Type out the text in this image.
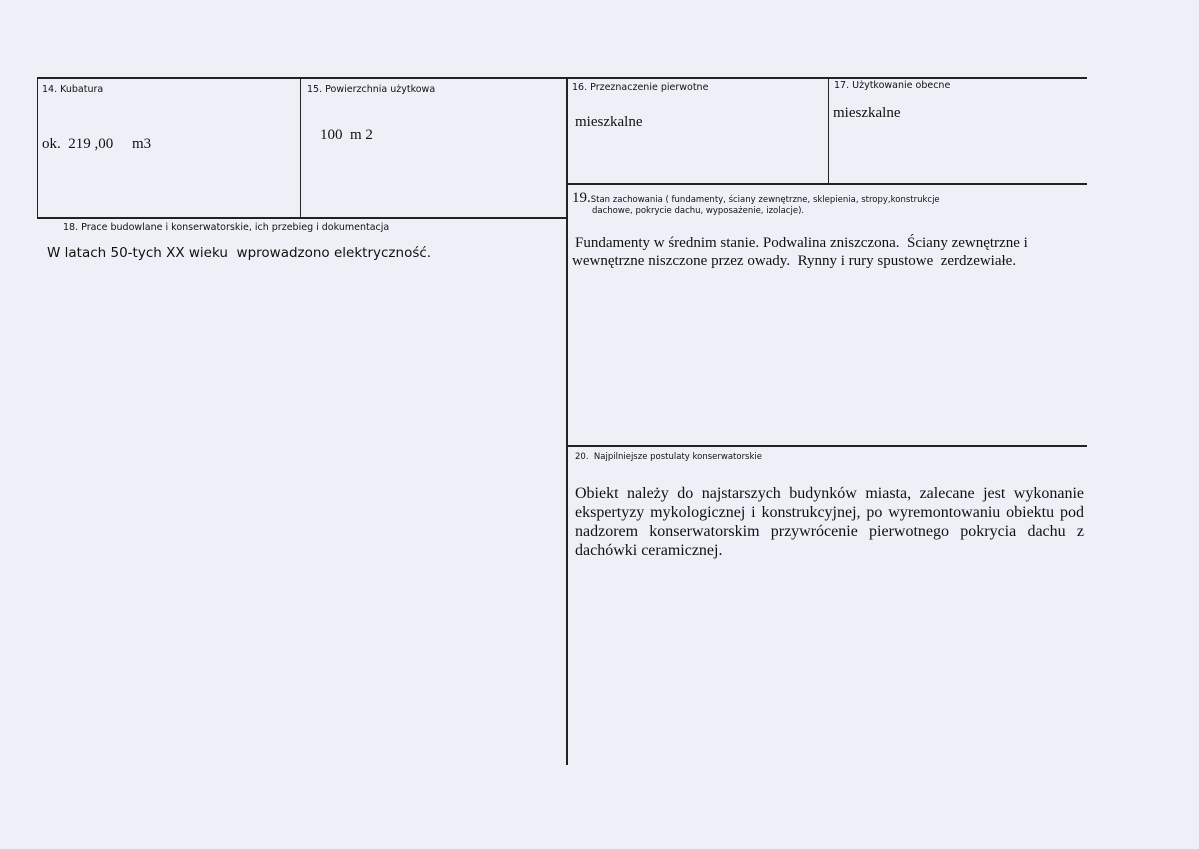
14. Kubatura
ok.  219 ,00     m3
15. Powierzchnia użytkowa
100  m 2
16. Przeznaczenie pierwotne
mieszkalne
17. Użytkowanie obecne
mieszkalne
18. Prace budowlane i konserwatorskie, ich przebieg i dokumentacja
W latach 50-tych XX wieku  wprowadzono elektryczność.
19.Stan zachowania ( fundamenty, ściany zewnętrzne, sklepienia, stropy,konstrukcje
dachowe, pokrycie dachu, wyposażenie, izolacje).
Fundamenty w średnim stanie. Podwalina zniszczona.  Ściany zewnętrzne i
wewnętrzne niszczone przez owady.  Rynny i rury spustowe  zerdzewiałe.
20.  Najpilniejsze postulaty konserwatorskie
Obiekt należy do najstarszych budynków miasta, zalecane jest wykonanie ekspertyzy mykologicznej i konstrukcyjnej, po wyremontowaniu obiektu pod nadzorem konserwatorskim przywrócenie pierwotnego pokrycia dachu z dachówki ceramicznej.
